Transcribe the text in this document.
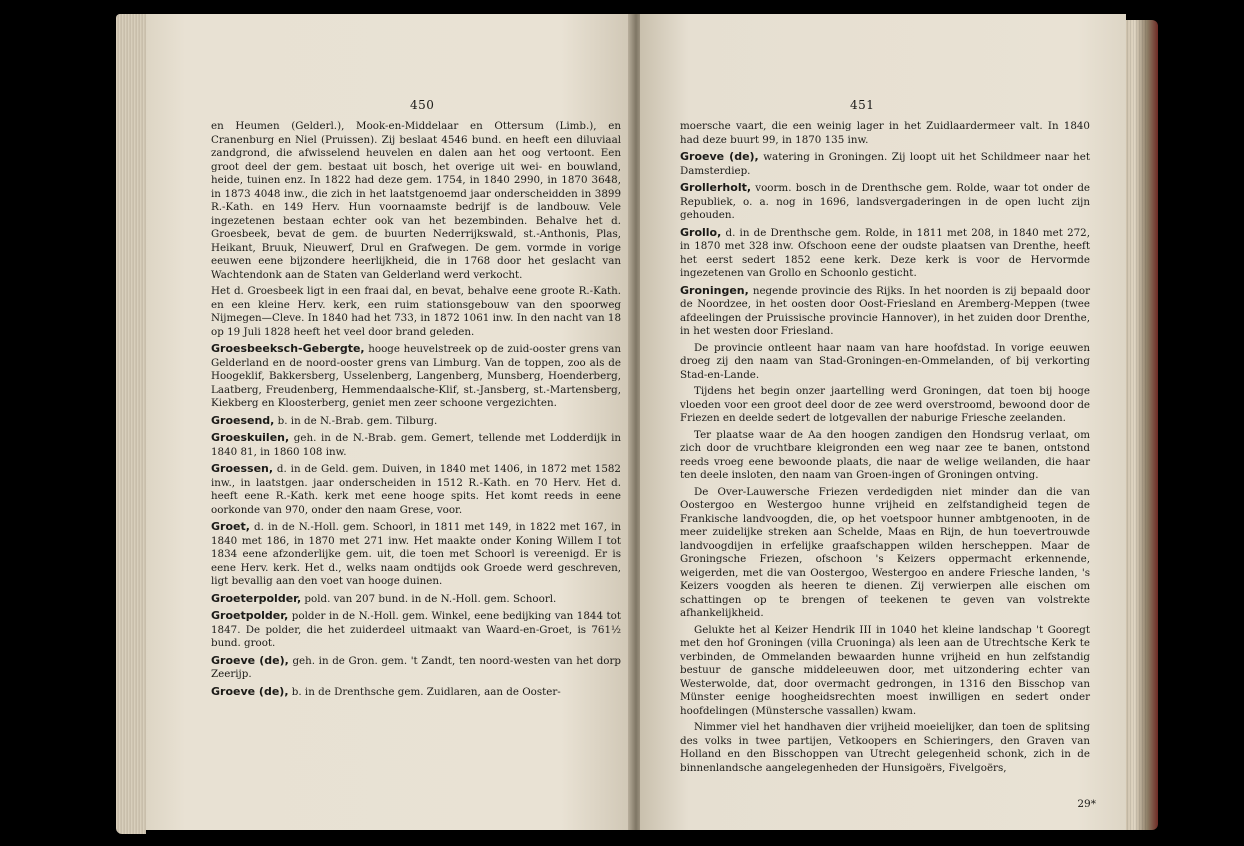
450

en Heumen (Gelderl.), Mook-en-Middelaar en Ottersum (Limb.), en Cranenburg en Niel (Pruissen). Zij beslaat 4546 bund. en heeft een diluviaal zandgrond, die afwisselend heuvelen en dalen aan het oog vertoont. Een groot deel der gem. bestaat uit bosch, het overige uit wei- en bouwland, heide, tuinen enz. In 1822 had deze gem. 1754, in 1840 2990, in 1870 3648, in 1873 4048 inw., die zich in het laatstgenoemd jaar onderscheidden in 3899 R.-Kath. en 149 Herv. Hun voornaamste bedrijf is de landbouw. Vele ingezetenen bestaan echter ook van het bezembinden. Behalve het d. Groesbeek, bevat de gem. de buurten Nederrijkswald, st.-Anthonis, Plas, Heikant, Bruuk, Nieuwerf, Drul en Grafwegen. De gem. vormde in vorige eeuwen eene bijzondere heerlijkheid, die in 1768 door het geslacht van Wachtendonk aan de Staten van Gelderland werd verkocht.

Het d. Groesbeek ligt in een fraai dal, en bevat, behalve eene groote R.-Kath. en een kleine Herv. kerk, een ruim stationsgebouw van den spoorweg Nijmegen—Cleve. In 1840 had het 733, in 1872 1061 inw. In den nacht van 18 op 19 Juli 1828 heeft het veel door brand geleden.

Groesbeeksch-Gebergte, hooge heuvelstreek op de zuid-ooster grens van Gelderland en de noord-ooster grens van Limburg. Van de toppen, zoo als de Hoogeklif, Bakkersberg, Usselenberg, Langenberg, Munsberg, Hoenderberg, Laatberg, Freudenberg, Hemmendaalsche-Klif, st.-Jansberg, st.-Martensberg, Kiekberg en Kloosterberg, geniet men zeer schoone vergezichten.

Groesend, b. in de N.-Brab. gem. Tilburg.

Groeskuilen, geh. in de N.-Brab. gem. Gemert, tellende met Lodderdijk in 1840 81, in 1860 108 inw.

Groessen, d. in de Geld. gem. Duiven, in 1840 met 1406, in 1872 met 1582 inw., in laatstgen. jaar onderscheiden in 1512 R.-Kath. en 70 Herv. Het d. heeft eene R.-Kath. kerk met eene hooge spits. Het komt reeds in eene oorkonde van 970, onder den naam Grese, voor.

Groet, d. in de N.-Holl. gem. Schoorl, in 1811 met 149, in 1822 met 167, in 1840 met 186, in 1870 met 271 inw. Het maakte onder Koning Willem I tot 1834 eene afzonderlijke gem. uit, die toen met Schoorl is vereenigd. Er is eene Herv. kerk. Het d., welks naam ondtijds ook Groede werd geschreven, ligt bevallig aan den voet van hooge duinen.

Groeterpolder, pold. van 207 bund. in de N.-Holl. gem. Schoorl.

Groetpolder, polder in de N.-Holl. gem. Winkel, eene bedijking van 1844 tot 1847. De polder, die het zuiderdeel uitmaakt van Waard-en-Groet, is 761½ bund. groot.

Groeve (de), geh. in de Gron. gem. 't Zandt, ten noord-westen van het dorp Zeerijp.

Groeve (de), b. in de Drenthsche gem. Zuidlaren, aan de Ooster-

451

moersche vaart, die een weinig lager in het Zuidlaardermeer valt. In 1840 had deze buurt 99, in 1870 135 inw.

Groeve (de), watering in Groningen. Zij loopt uit het Schildmeer naar het Damsterdiep.

Grollerholt, voorm. bosch in de Drenthsche gem. Rolde, waar tot onder de Republiek, o. a. nog in 1696, landsvergaderingen in de open lucht zijn gehouden.

Grollo, d. in de Drenthsche gem. Rolde, in 1811 met 208, in 1840 met 272, in 1870 met 328 inw. Ofschoon eene der oudste plaatsen van Drenthe, heeft het eerst sedert 1852 eene kerk. Deze kerk is voor de Hervormde ingezetenen van Grollo en Schoonlo gesticht.

Groningen, negende provincie des Rijks. In het noorden is zij bepaald door de Noordzee, in het oosten door Oost-Friesland en Aremberg-Meppen (twee afdeelingen der Pruissische provincie Hannover), in het zuiden door Drenthe, in het westen door Friesland.

De provincie ontleent haar naam van hare hoofdstad. In vorige eeuwen droeg zij den naam van Stad-Groningen-en-Ommelanden, of bij verkorting Stad-en-Lande.

Tijdens het begin onzer jaartelling werd Groningen, dat toen bij hooge vloeden voor een groot deel door de zee werd overstroomd, bewoond door de Friezen en deelde sedert de lotgevallen der naburige Friesche zeelanden.

Ter plaatse waar de Aa den hoogen zandigen den Hondsrug verlaat, om zich door de vruchtbare kleigronden een weg naar zee te banen, ontstond reeds vroeg eene bewoonde plaats, die naar de welige weilanden, die haar ten deele insloten, den naam van Groen-ingen of Groningen ontving.

De Over-Lauwersche Friezen verdedigden niet minder dan die van Oostergoo en Westergoo hunne vrijheid en zelfstandigheid tegen de Frankische landvoogden, die, op het voetspoor hunner ambtgenooten, in de meer zuidelijke streken aan Schelde, Maas en Rijn, de hun toevertrouwde landvoogdijen in erfelijke graafschappen wilden herscheppen. Maar de Groningsche Friezen, ofschoon 's Keizers oppermacht erkennende, weigerden, met die van Oostergoo, Westergoo en andere Friesche landen, 's Keizers voogden als heeren te dienen. Zij verwierpen alle eischen om schattingen op te brengen of teekenen te geven van volstrekte afhankelijkheid.

Gelukte het al Keizer Hendrik III in 1040 het kleine landschap 't Gooregt met den hof Groningen (villa Cruoninga) als leen aan de Utrechtsche Kerk te verbinden, de Ommelanden bewaarden hunne vrijheid en hun zelfstandig bestuur de gansche middeleeuwen door, met uitzondering echter van Westerwolde, dat, door overmacht gedrongen, in 1316 den Bisschop van Münster eenige hoogheidsrechten moest inwilligen en sedert onder hoofdelingen (Münstersche vassallen) kwam.

Nimmer viel het handhaven dier vrijheid moeielijker, dan toen de splitsing des volks in twee partijen, Vetkoopers en Schieringers, den Graven van Holland en den Bisschoppen van Utrecht gelegenheid schonk, zich in de binnenlandsche aangelegenheden der Hunsigoërs, Fivelgoërs,

29*
